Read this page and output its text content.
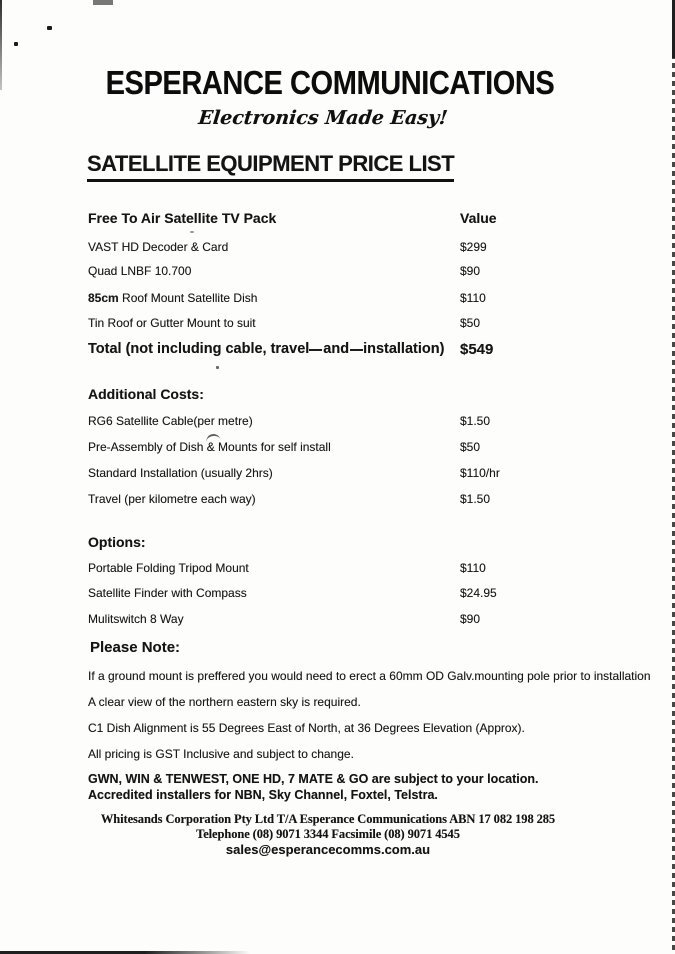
ESPERANCE COMMUNICATIONS
Electronics Made Easy!
SATELLITE EQUIPMENT PRICE LIST
Free To Air Satellite TV Pack	Value
VAST HD Decoder & Card	$299
Quad LNBF 10.700	$90
85cm Roof Mount Satellite Dish	$110
Tin Roof or Gutter Mount to suit	$50
Total (not including cable, travel and installation) $549
Additional Costs:
RG6 Satellite Cable(per metre)	$1.50
Pre-Assembly of Dish & Mounts for self install	$50
Standard Installation (usually 2hrs)	$110/hr
Travel (per kilometre each way)	$1.50
Options:
Portable Folding Tripod Mount	$110
Satellite Finder with Compass	$24.95
Mulitswitch 8 Way	$90
Please Note:
If a ground mount is preffered you would need to erect a 60mm OD Galv.mounting pole prior to installation
A clear view of the northern eastern sky is required.
C1 Dish Alignment is 55 Degrees East of North, at 36 Degrees Elevation (Approx).
All pricing is GST Inclusive and subject to change.
GWN, WIN & TENWEST, ONE HD, 7 MATE & GO are subject to your location.
Accredited installers for NBN, Sky Channel, Foxtel, Telstra.
Whitesands Corporation Pty Ltd T/A Esperance Communications ABN 17 082 198 285
Telephone (08) 9071 3344 Facsimile (08) 9071 4545
sales@esperancecomms.com.au
